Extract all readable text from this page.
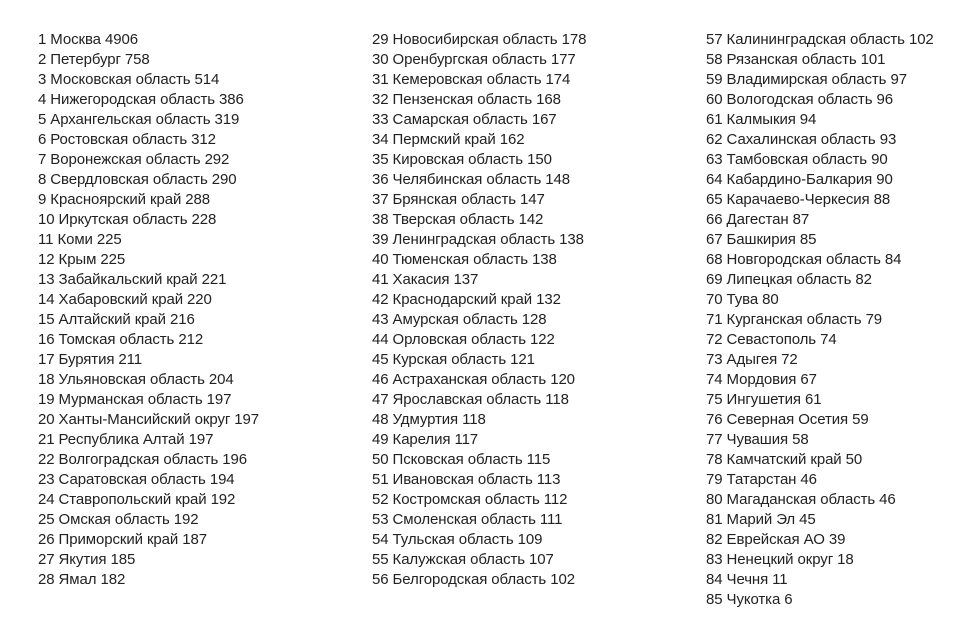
1 Москва 4906
2 Петербург 758
3 Московская область 514
4 Нижегородская область 386
5 Архангельская область 319
6 Ростовская область 312
7 Воронежская область 292
8 Свердловская область 290
9 Красноярский край 288
10 Иркутская область 228
11 Коми 225
12 Крым 225
13 Забайкальский край 221
14 Хабаровский край 220
15 Алтайский край 216
16 Томская область 212
17 Бурятия 211
18 Ульяновская область 204
19 Мурманская область 197
20 Ханты-Мансийский округ 197
21 Республика Алтай 197
22 Волгоградская область 196
23 Саратовская область 194
24 Ставропольский край 192
25 Омская область 192
26 Приморский край 187
27 Якутия 185
28 Ямал 182
29 Новосибирская область 178
30 Оренбургская область 177
31 Кемеровская область 174
32 Пензенская область 168
33 Самарская область 167
34 Пермский край 162
35 Кировская область 150
36 Челябинская область 148
37 Брянская область 147
38 Тверская область 142
39 Ленинградская область 138
40 Тюменская область 138
41 Хакасия 137
42 Краснодарский край 132
43 Амурская область 128
44 Орловская область 122
45 Курская область 121
46 Астраханская область 120
47 Ярославская область 118
48 Удмуртия 118
49 Карелия 117
50 Псковская область 115
51 Ивановская область 113
52 Костромская область 112
53 Смоленская область 111
54 Тульская область 109
55 Калужская область 107
56 Белгородская область 102
57 Калининградская область 102
58 Рязанская область 101
59 Владимирская область 97
60 Вологодская область 96
61 Калмыкия 94
62 Сахалинская область 93
63 Тамбовская область 90
64 Кабардино-Балкария 90
65 Карачаево-Черкесия 88
66 Дагестан 87
67 Башкирия 85
68 Новгородская область 84
69 Липецкая область 82
70 Тува 80
71 Курганская область 79
72 Севастополь 74
73 Адыгея 72
74 Мордовия 67
75 Ингушетия 61
76 Северная Осетия 59
77 Чувашия 58
78 Камчатский край 50
79 Татарстан 46
80 Магаданская область 46
81 Марий Эл 45
82 Еврейская АО 39
83 Ненецкий округ 18
84 Чечня 11
85 Чукотка 6
